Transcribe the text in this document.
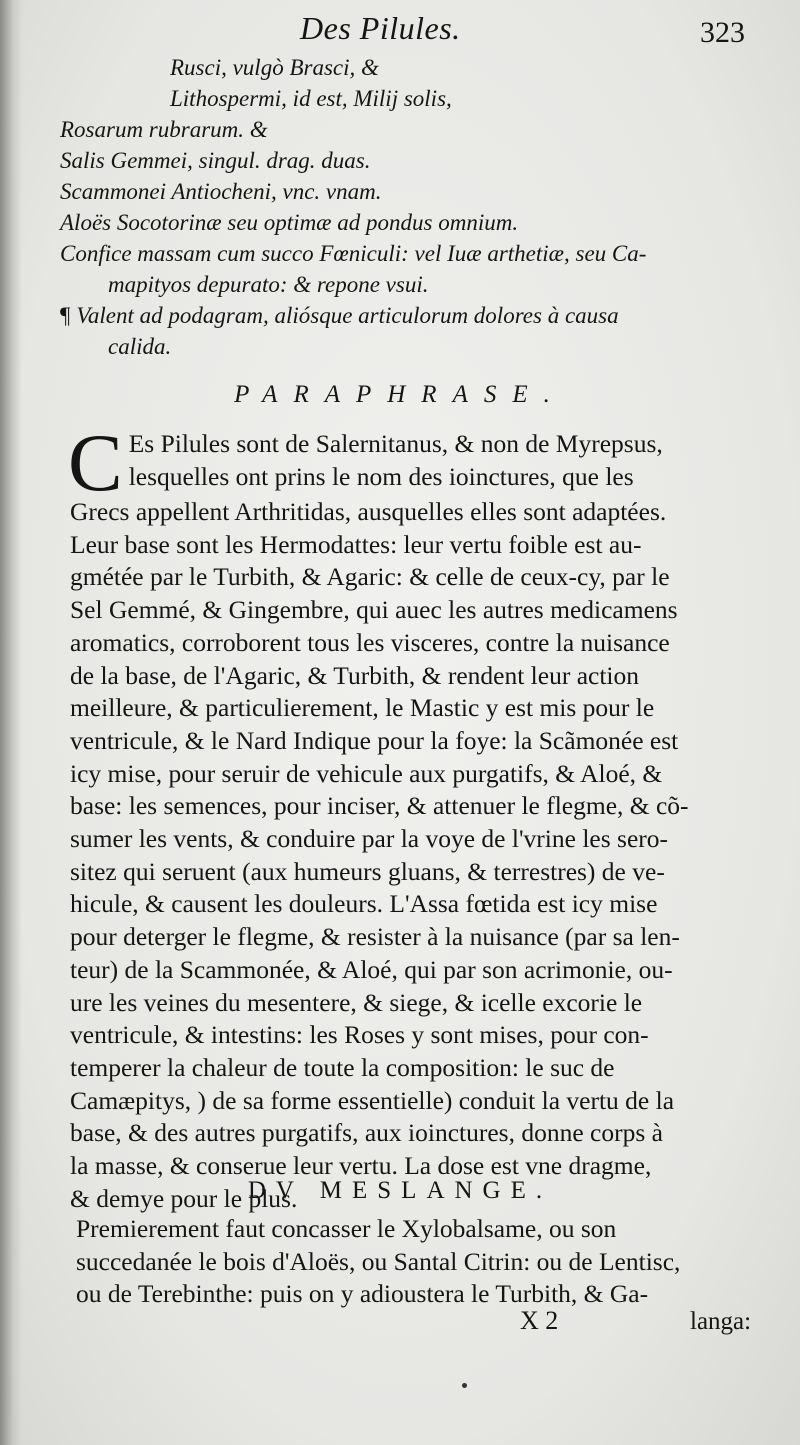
Des Pilules.	323
Rusci, vulgò Brasci, &
Lithospermi, id est, Milij solis,
Rosarum rubrarum. &
Salis Gemmei, singul. drag. duas.
Scammonei Antiocheni, vnc. vnam.
Aloës Socotorinæ seu optimæ ad pondus omnium.
Confice massam cum succo Fœniculi: vel Iuæ arthetiæ, seu Ca-
mapityos depurato: & repone vsui.
¶ Valent ad podagram, aliósque articulorum dolores à causa
calida.
PARAPHRASE.
C Es Pilules sont de Salernitanus, & non de Myrepsus,
lesquelles ont prins le nom des ioinctures, que les
Grecs appellent Arthritidas, ausquelles elles sont adaptées.
Leur base sont les Hermodattes: leur vertu foible est au-
gmétée par le Turbith, & Agaric: & celle de ceux-cy, par le
Sel Gemmé, & Gingembre, qui auec les autres medicamens
aromatics, corroborent tous les visceres, contre la nuisance
de la base, de l'Agaric, & Turbith, & rendent leur action
meilleure, & particulierement, le Mastic y est mis pour le
ventricule, & le Nard Indique pour la foye: la Scãmonée est
icy mise, pour seruir de vehicule aux purgatifs, & Aloé, &
base: les semences, pour inciser, & attenuer le flegme, & cõ-
sumer les vents, & conduire par la voye de l'vrine les sero-
sitez qui seruent (aux humeurs gluans, & terrestres) de ve-
hicule, & causent les douleurs. L'Assa fœtida est icy mise
pour deterger le flegme, & resister à la nuisance (par sa len-
teur) de la Scammonée, & Aloé, qui par son acrimonie, ou-
ure les veines du mesentere, & siege, & icelle excorie le
ventricule, & intestins: les Roses y sont mises, pour con-
temperer la chaleur de toute la composition: le suc de
Camæpitys, ) de sa forme essentielle) conduit la vertu de la
base, & des autres purgatifs, aux ioinctures, donne corps à
la masse, & conserue leur vertu. La dose est vne dragme,
& demye pour le plus.
DV MESLANGE.
Premierement faut concasser le Xylobalsame, ou son
succedanée le bois d'Aloës, ou Santal Citrin: ou de Lentisc,
ou de Terebinthe: puis on y adioustera le Turbith, & Ga-
X 2	langa:
